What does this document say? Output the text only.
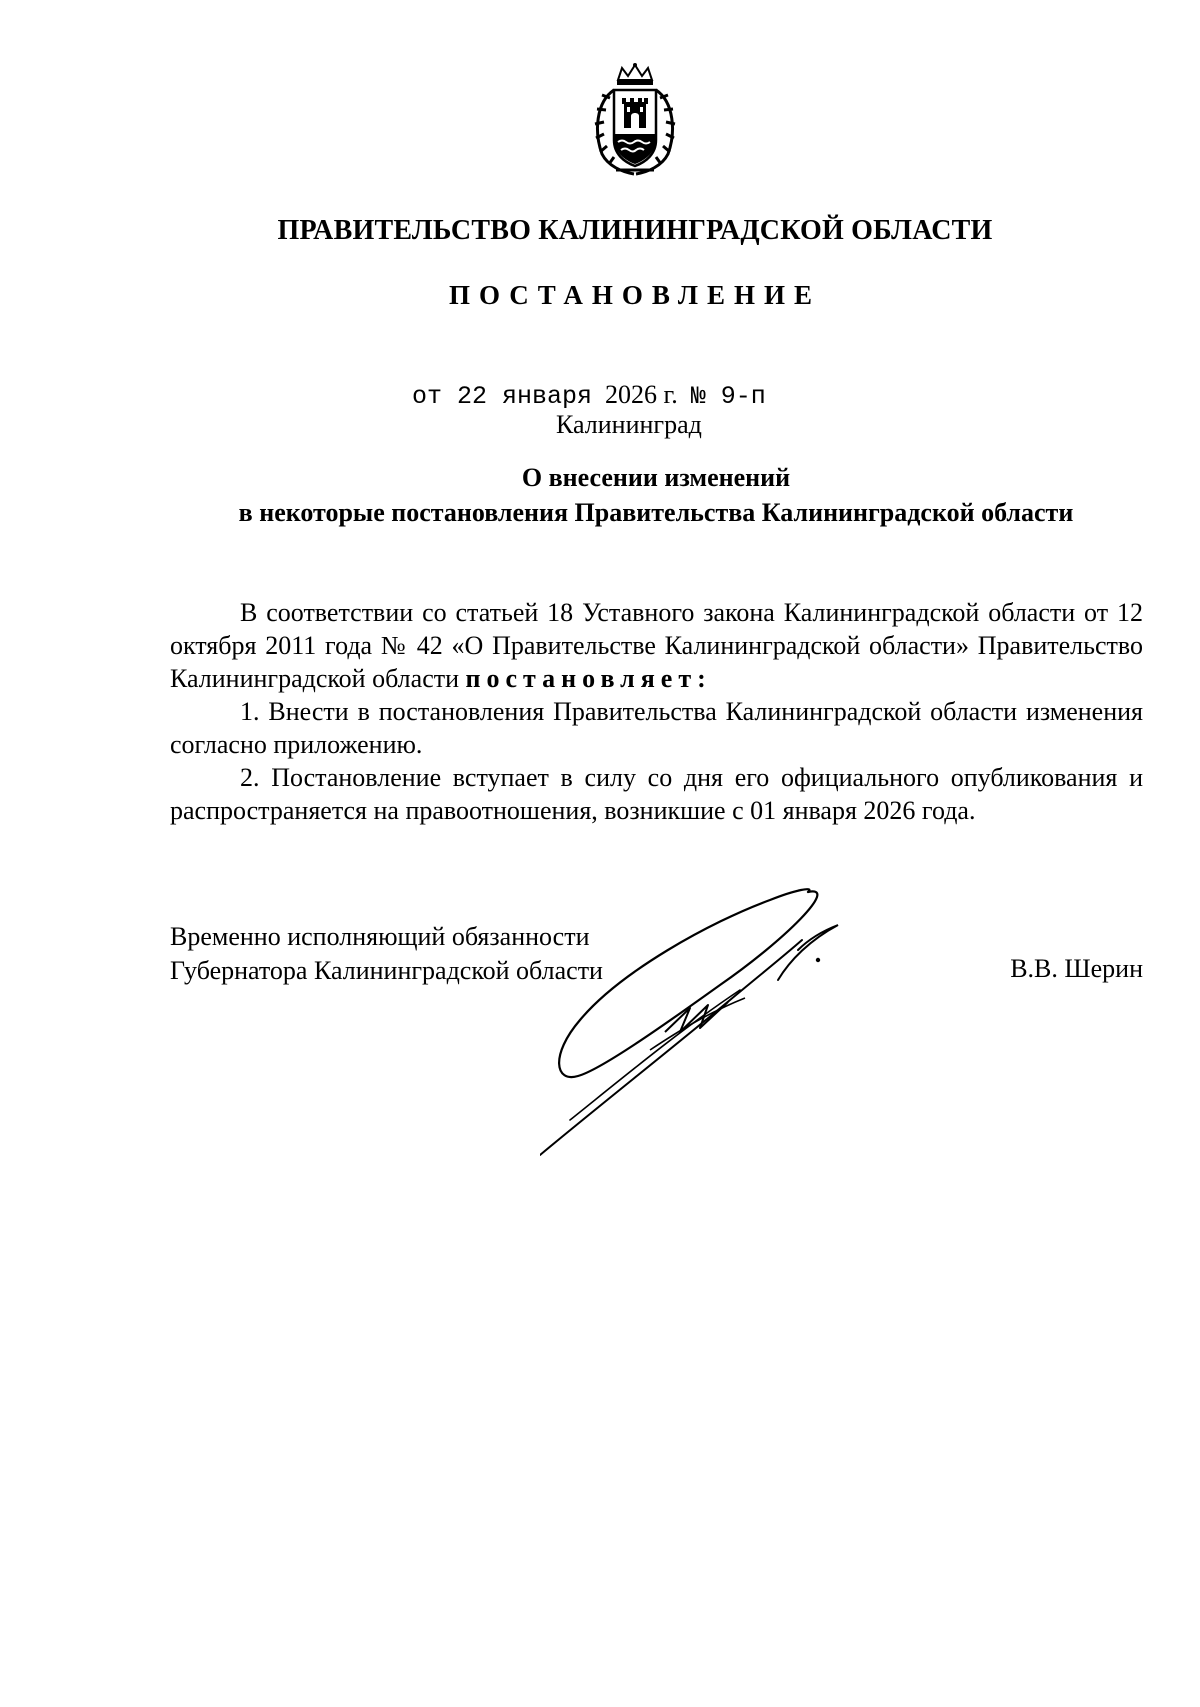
ПРАВИТЕЛЬСТВО КАЛИНИНГРАДСКОЙ ОБЛАСТИ
ПОСТАНОВЛЕНИЕ
от 22 января 2026 г. № 9-п
Калининград
О внесении изменений
в некоторые постановления Правительства Калининградской области

В соответствии со статьей 18 Уставного закона Калининградской области от 12 октября 2011 года № 42 «О Правительстве Калининградской области» Правительство Калининградской области постановляет:

1. Внести в постановления Правительства Калининградской области изменения согласно приложению.

2. Постановление вступает в силу со дня его официального опубликования и распространяется на правоотношения, возникшие с 01 января 2026 года.

Временно исполняющий обязанности
Губернатора Калининградской области	В.В. Шерин
